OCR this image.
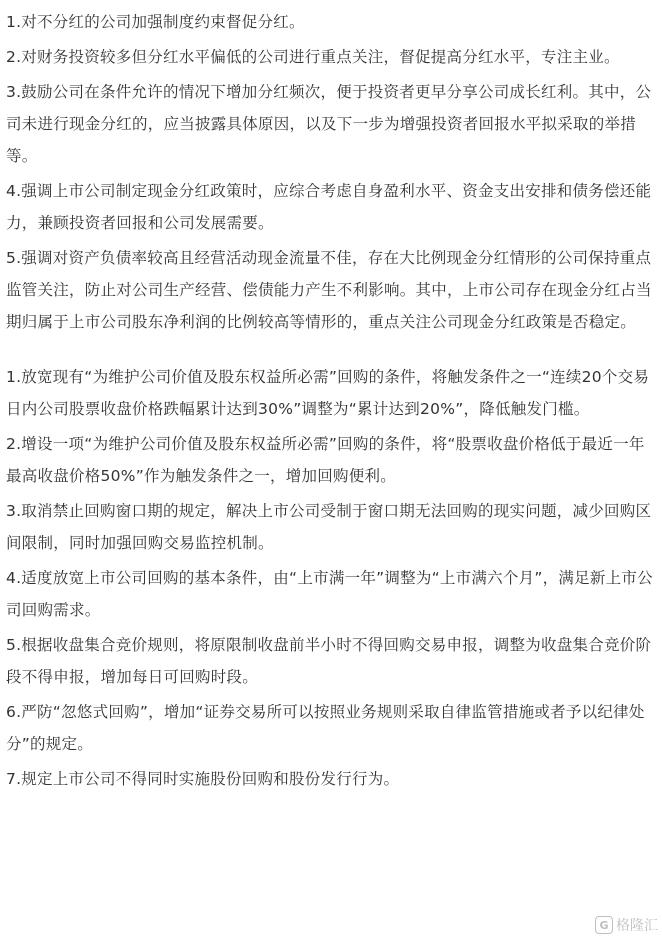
1.对不分红的公司加强制度约束督促分红。

2.对财务投资较多但分红水平偏低的公司进行重点关注，督促提高分红水平，专注主业。

3.鼓励公司在条件允许的情况下增加分红频次，便于投资者更早分享公司成长红利。其中，公司未进行现金分红的，应当披露具体原因，以及下一步为增强投资者回报水平拟采取的举措等。

4.强调上市公司制定现金分红政策时，应综合考虑自身盈利水平、资金支出安排和债务偿还能力，兼顾投资者回报和公司发展需要。

5.强调对资产负债率较高且经营活动现金流量不佳，存在大比例现金分红情形的公司保持重点监管关注，防止对公司生产经营、偿债能力产生不利影响。其中，上市公司存在现金分红占当期归属于上市公司股东净利润的比例较高等情形的，重点关注公司现金分红政策是否稳定。

1.放宽现有“为维护公司价值及股东权益所必需”回购的条件，将触发条件之一“连续20个交易日内公司股票收盘价格跌幅累计达到30%”调整为“累计达到20%”，降低触发门槛。

2.增设一项“为维护公司价值及股东权益所必需”回购的条件，将“股票收盘价格低于最近一年最高收盘价格50%”作为触发条件之一，增加回购便利。

3.取消禁止回购窗口期的规定，解决上市公司受制于窗口期无法回购的现实问题，减少回购区间限制，同时加强回购交易监控机制。

4.适度放宽上市公司回购的基本条件，由“上市满一年”调整为“上市满六个月”，满足新上市公司回购需求。

5.根据收盘集合竞价规则，将原限制收盘前半小时不得回购交易申报，调整为收盘集合竞价阶段不得申报，增加每日可回购时段。

6.严防“忽悠式回购”，增加“证券交易所可以按照业务规则采取自律监管措施或者予以纪律处分”的规定。

7.规定上市公司不得同时实施股份回购和股份发行行为。

G 格隆汇
